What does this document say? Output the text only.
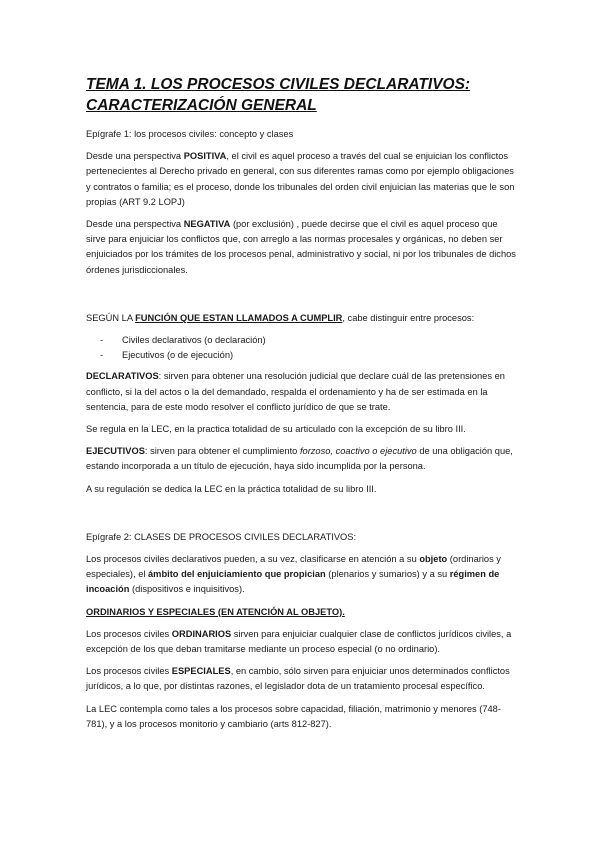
TEMA 1. LOS PROCESOS CIVILES DECLARATIVOS:
CARACTERIZACIÓN GENERAL

Epígrafe 1: los procesos civiles: concepto y clases

Desde una perspectiva POSITIVA, el civil es aquel proceso a través del cual se enjuician los conflictos pertenecientes al Derecho privado en general, con sus diferentes ramas como por ejemplo obligaciones y contratos o familia; es el proceso, donde los tribunales del orden civil enjuician las materias que le son propias (ART 9.2 LOPJ)

Desde una perspectiva NEGATIVA (por exclusión) , puede decirse que el civil es aquel proceso que sirve para enjuiciar los conflictos que, con arreglo a las normas procesales y orgánicas, no deben ser enjuiciados por los trámites de los procesos penal, administrativo y social, ni por los tribunales de dichos órdenes jurisdiccionales.

SEGÚN LA FUNCIÓN QUE ESTAN LLAMADOS A CUMPLIR, cabe distinguir entre procesos:

- Civiles declarativos (o declaración)
- Ejecutivos (o de ejecución)

DECLARATIVOS: sirven para obtener una resolución judicial que declare cuál de las pretensiones en conflicto, si la del actos o la del demandado, respalda el ordenamiento y ha de ser estimada en la sentencia, para de este modo resolver el conflicto jurídico de que se trate.

Se regula en la LEC, en la practica totalidad de su articulado con la excepción de su libro III.

EJECUTIVOS: sirven para obtener el cumplimiento forzoso, coactivo o ejecutivo de una obligación que, estando incorporada a un título de ejecución, haya sido incumplida por la persona.

A su regulación se dedica la LEC en la práctica totalidad de su libro III.

Epígrafe 2: CLASES DE PROCESOS CIVILES DECLARATIVOS:

Los procesos civiles declarativos pueden, a su vez, clasificarse en atención a su objeto (ordinarios y especiales), el ámbito del enjuiciamiento que propician (plenarios y sumarios) y a su régimen de incoación (dispositivos e inquisitivos).

ORDINARIOS Y ESPECIALES (EN ATENCIÓN AL OBJETO).

Los procesos civiles ORDINARIOS sirven para enjuiciar cualquier clase de conflictos jurídicos civiles, a excepción de los que deban tramitarse mediante un proceso especial (o no ordinario).

Los procesos civiles ESPECIALES, en cambio, sólo sirven para enjuiciar unos determinados conflictos jurídicos, a lo que, por distintas razones, el legislador dota de un tratamiento procesal específico.

La LEC contempla como tales a los procesos sobre capacidad, filiación, matrimonio y menores (748-781), y a los procesos monitorio y cambiario (arts 812-827).
